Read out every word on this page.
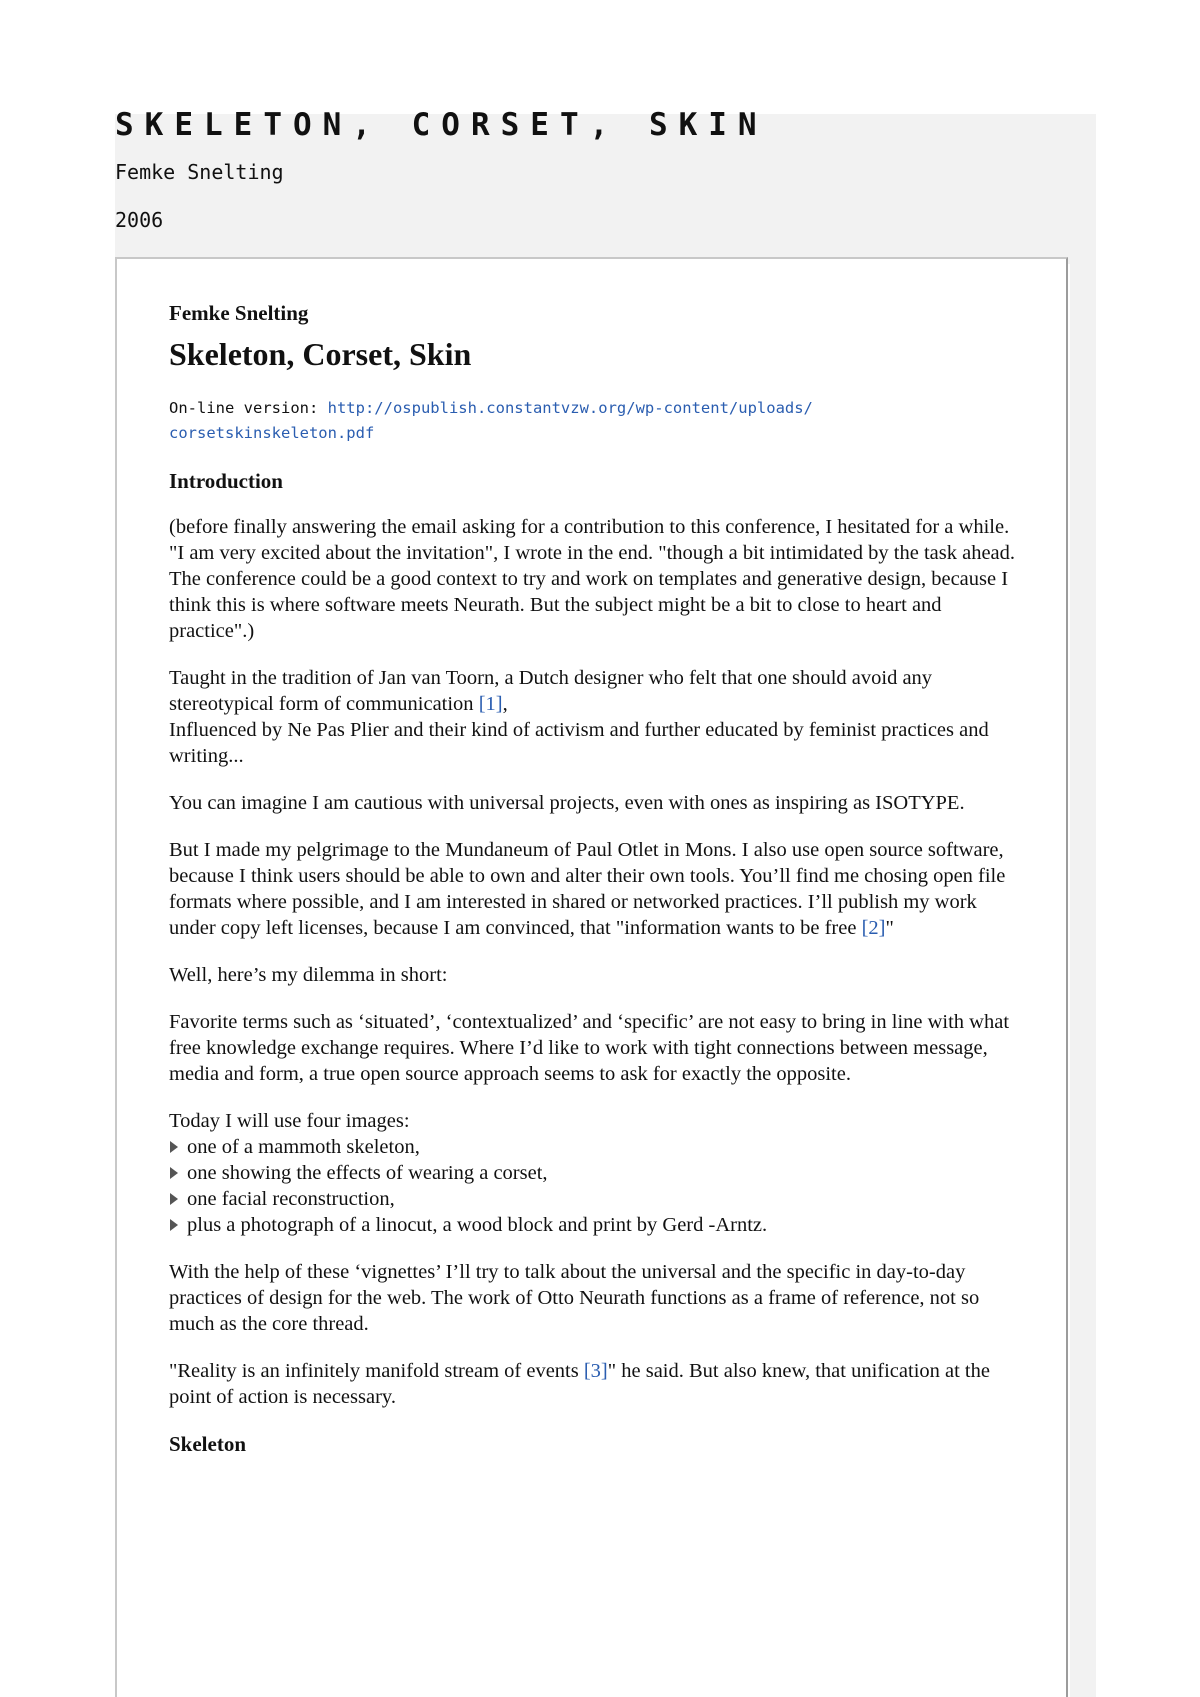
SKELETON, CORSET, SKIN
Femke Snelting
2006
Femke Snelting
Skeleton, Corset, Skin
On-line version: http://ospublish.constantvzw.org/wp-content/uploads/
corsetskinskeleton.pdf
Introduction

(before finally answering the email asking for a contribution to this conference, I hesitated for a while. "I am very excited about the invitation", I wrote in the end. "though a bit intimidated by the task ahead. The conference could be a good context to try and work on templates and generative design, because I think this is where software meets Neurath. But the subject might be a bit to close to heart and practice".)

Taught in the tradition of Jan van Toorn, a Dutch designer who felt that one should avoid any stereotypical form of communication [1],
Influenced by Ne Pas Plier and their kind of activism and further educated by feminist practices and writing...

You can imagine I am cautious with universal projects, even with ones as inspiring as ISOTYPE.

But I made my pelgrimage to the Mundaneum of Paul Otlet in Mons. I also use open source software, because I think users should be able to own and alter their own tools. You’ll find me chosing open file formats where possible, and I am interested in shared or networked practices. I’ll publish my work under copy left licenses, because I am convinced, that "information wants to be free [2]"

Well, here’s my dilemma in short:

Favorite terms such as ‘situated’, ‘contextualized’ and ‘specific’ are not easy to bring in line with what free knowledge exchange requires. Where I’d like to work with tight connections between message, media and form, a true open source approach seems to ask for exactly the opposite.

Today I will use four images:
one of a mammoth skeleton,
one showing the effects of wearing a corset,
one facial reconstruction,
plus a photograph of a linocut, a wood block and print by Gerd -Arntz.

With the help of these ‘vignettes’ I’ll try to talk about the universal and the specific in day-to-day practices of design for the web. The work of Otto Neurath functions as a frame of reference, not so much as the core thread.

"Reality is an infinitely manifold stream of events [3]" he said. But also knew, that unification at the point of action is necessary.

Skeleton
